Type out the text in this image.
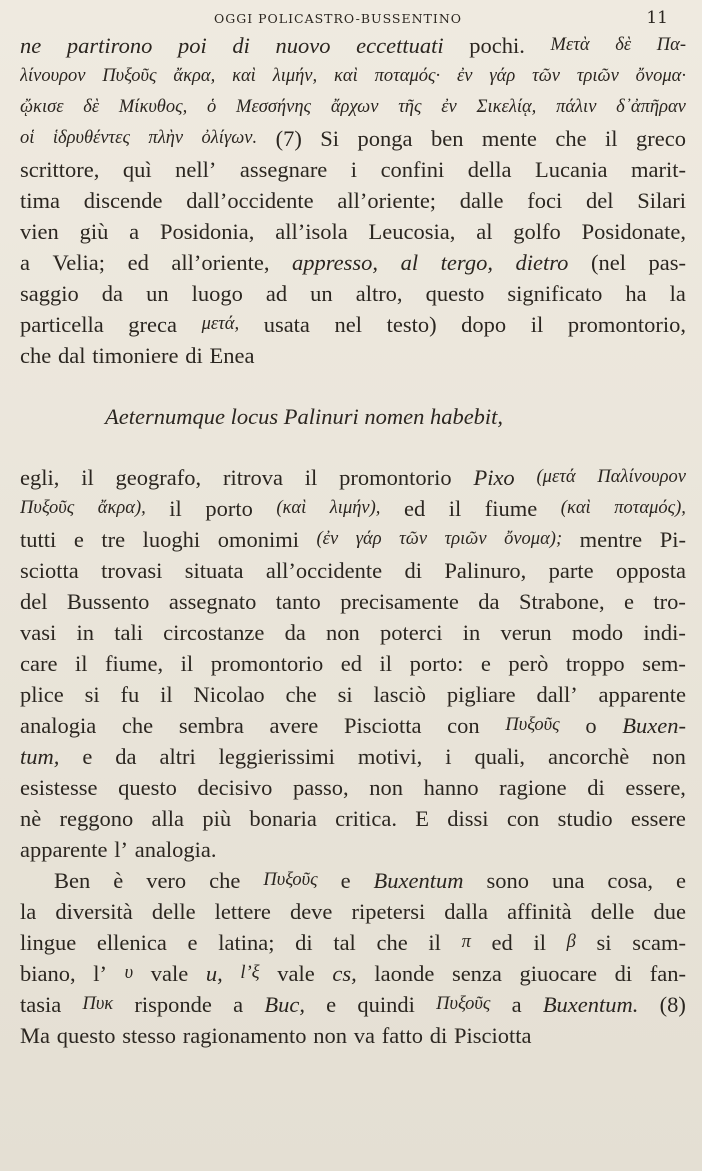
OGGI POLICASTRO-BUSSENTINO	11
ne partirono poi di nuovo eccettuati pochi. Μετὰ δὲ Πα-
λίνουρον Πυξοῦς ἄκρα, καὶ λιμήν, καὶ ποταμός· ἐν γάρ τῶν τριῶν ὄνομα·
ᾤκισε δὲ Μίκυθος, ὁ Μεσσήνης ἄρχων τῆς ἐν Σικελίᾳ, πάλιν δ᾽ἀπῆραν
οἱ ἱδρυθέντες πλὴν ὀλίγων. (7) Si ponga ben mente che il greco
scrittore, quì nell’ assegnare i confini della Lucania marit-
tima discende dall’occidente all’oriente; dalle foci del Silari
vien giù a Posidonia, all’isola Leucosia, al golfo Posidonate,
a Velia; ed all’oriente, appresso, al tergo, dietro (nel pas-
saggio da un luogo ad un altro, questo significato ha la
particella greca μετά, usata nel testo) dopo il promontorio,
che dal timoniere di Enea
Aeternumque locus Palinuri nomen habebit,
egli, il geografo, ritrova il promontorio Pixo (μετά Παλίνουρον
Πυξοῦς ἄκρα), il porto (καὶ λιμήν), ed il fiume (καὶ ποταμός),
tutti e tre luoghi omonimi (ἐν γάρ τῶν τριῶν ὄνομα); mentre Pi-
sciotta trovasi situata all’occidente di Palinuro, parte opposta
del Bussento assegnato tanto precisamente da Strabone, e tro-
vasi in tali circostanze da non poterci in verun modo indi-
care il fiume, il promontorio ed il porto: e però troppo sem-
plice si fu il Nicolao che si lasciò pigliare dall’ apparente
analogia che sembra avere Pisciotta con Πυξοῦς o Buxen-
tum, e da altri leggierissimi motivi, i quali, ancorchè non
esistesse questo decisivo passo, non hanno ragione di essere,
nè reggono alla più bonaria critica. E dissi con studio essere
apparente l’ analogia.
Ben è vero che Πυξοῦς e Buxentum sono una cosa, e
la diversità delle lettere deve ripetersi dalla affinità delle due
lingue ellenica e latina; di tal che il π ed il β si scam-
biano, l’ υ vale u, l’ξ vale cs, laonde senza giuocare di fan-
tasia Πυκ risponde a Buc, e quindi Πυξοῦς a Buxentum. (8)
Ma questo stesso ragionamento non va fatto di Pisciotta
